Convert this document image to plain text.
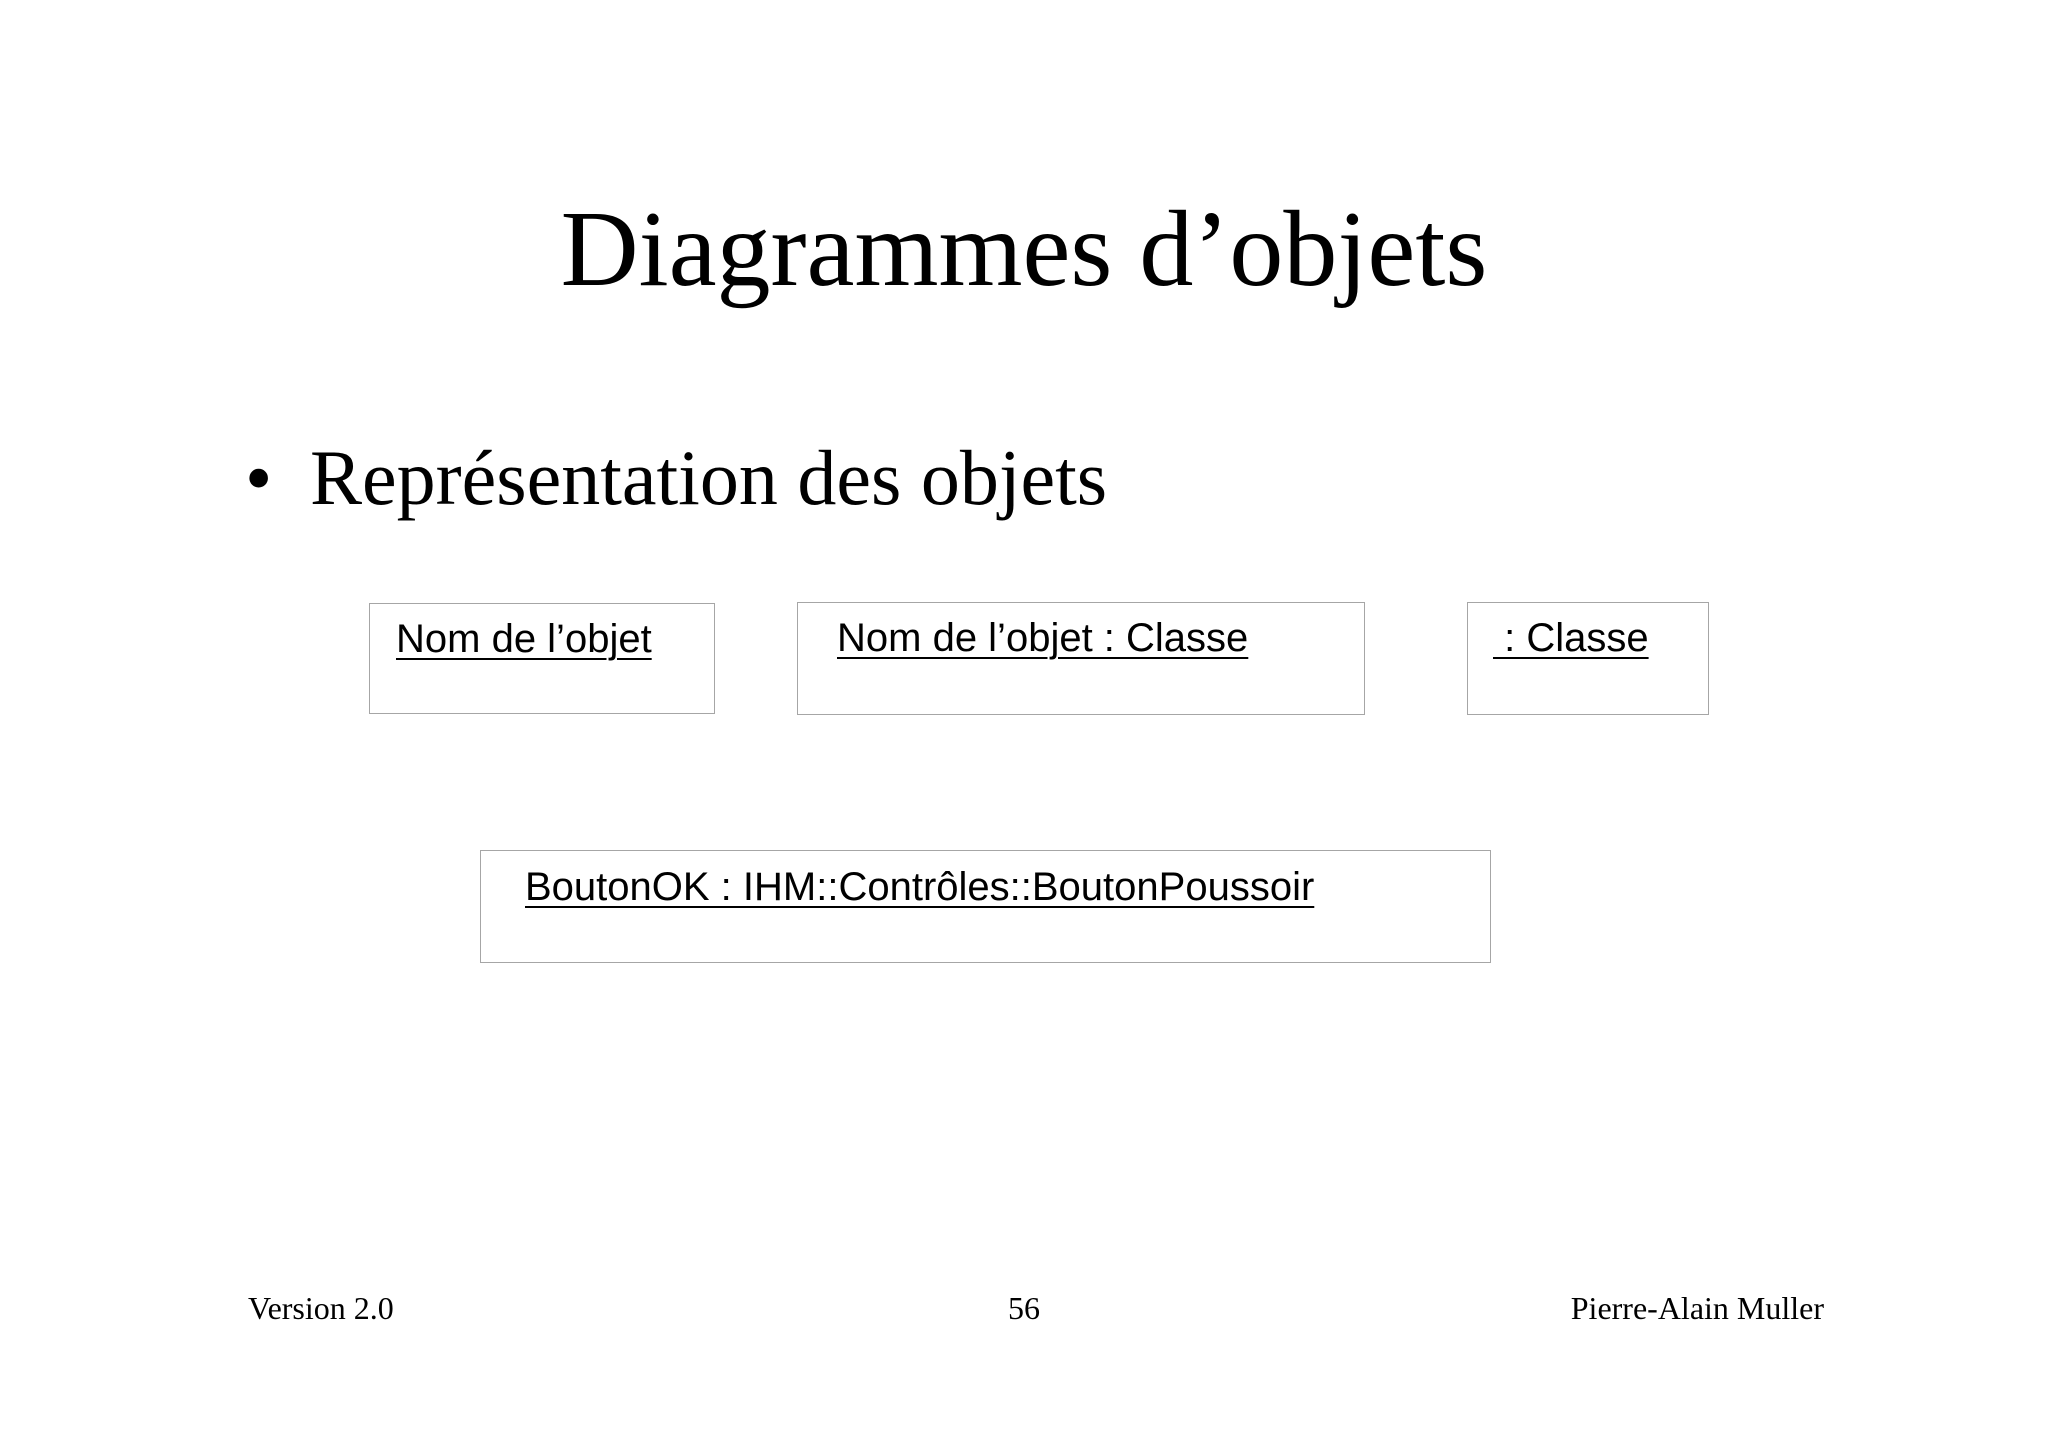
Diagrammes d’objets
• Représentation des objets
Nom de l’objet	Nom de l’objet : Classe	: Classe
BoutonOK : IHM::Contrôles::BoutonPoussoir
Version 2.0	56	Pierre-Alain Muller
